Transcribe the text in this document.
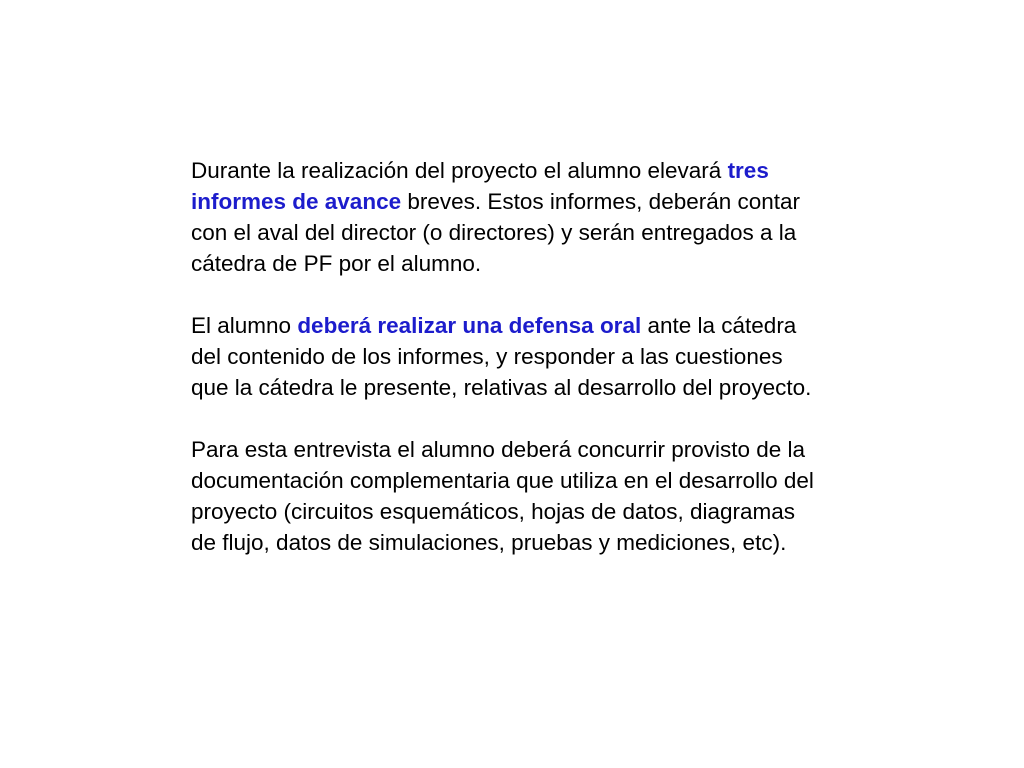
Durante la realización del proyecto el alumno elevará tres
informes de avance breves. Estos informes, deberán contar
con el aval del director (o directores) y serán entregados a la
cátedra de PF por el alumno.

El alumno deberá realizar una defensa oral ante la cátedra
del contenido de los informes, y responder a las cuestiones
que la cátedra le presente, relativas al desarrollo del proyecto.

Para esta entrevista el alumno deberá concurrir provisto de la
documentación complementaria que utiliza en el desarrollo del
proyecto (circuitos esquemáticos, hojas de datos, diagramas
de flujo, datos de simulaciones, pruebas y mediciones, etc).
